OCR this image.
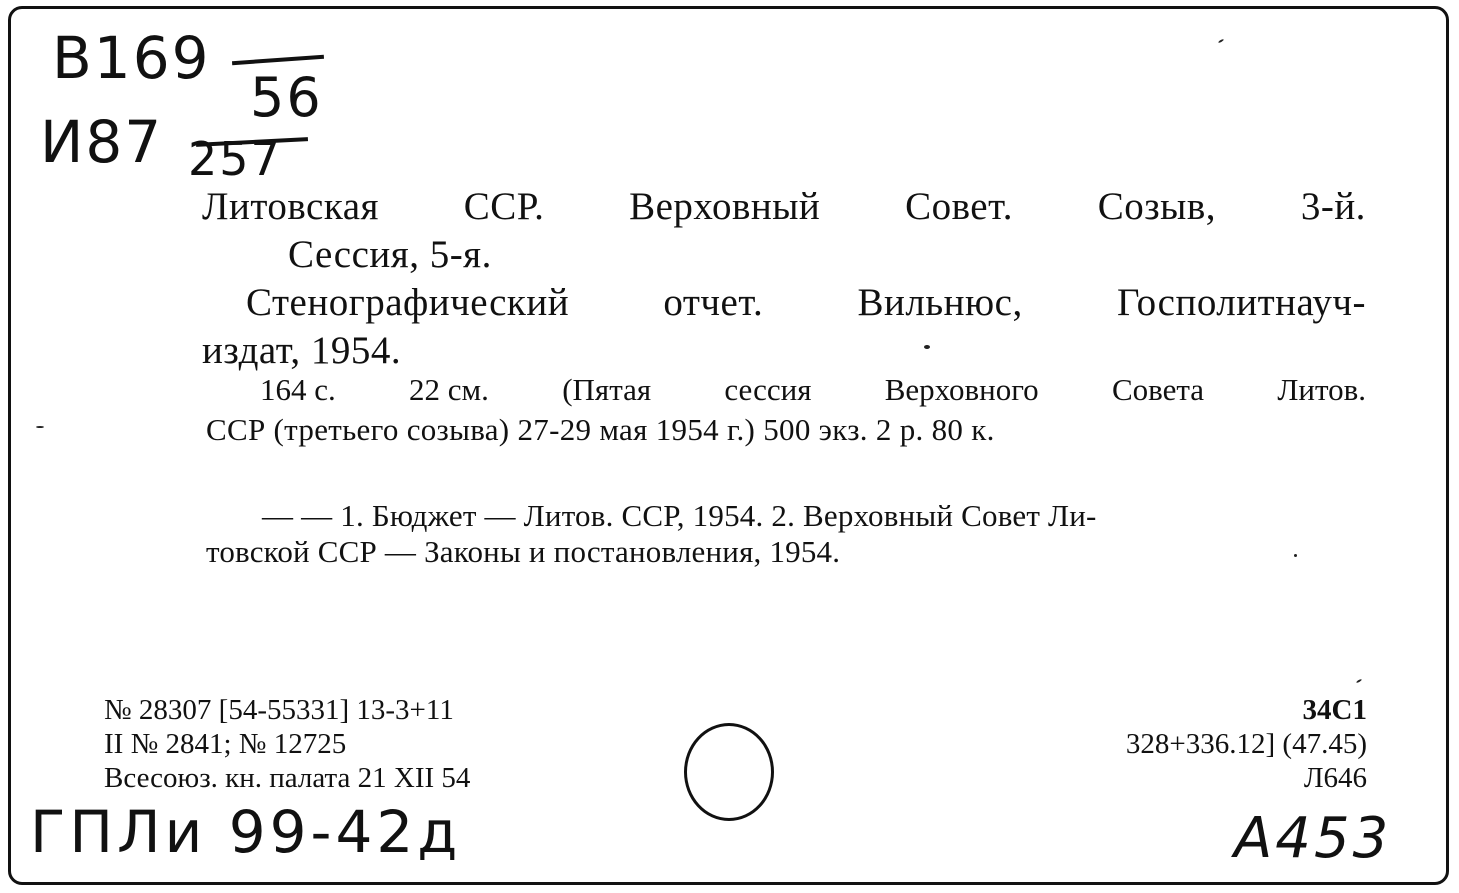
B169
56
И87 257
Литовская ССР. Верховный Совет. Созыв, 3-й.
Сессия, 5-я.
Стенографический отчет. Вильнюс, Госполитнауч-
издат, 1954.
164 с. 22 см. (Пятая сессия Верховного Совета Литов.
ССР (третьего созыва) 27-29 мая 1954 г.) 500 экз. 2 р. 80 к.
— — 1. Бюджет — Литов. ССР, 1954. 2. Верховный Совет Ли-
товской ССР — Законы и постановления, 1954.
№ 28307 [54-55331] 13-3+11
II № 2841; № 12725
Всесоюз. кн. палата 21 XII 54
34С1
328+336.12] (47.45)
Л646
ГПЛи 99-42д	А453
